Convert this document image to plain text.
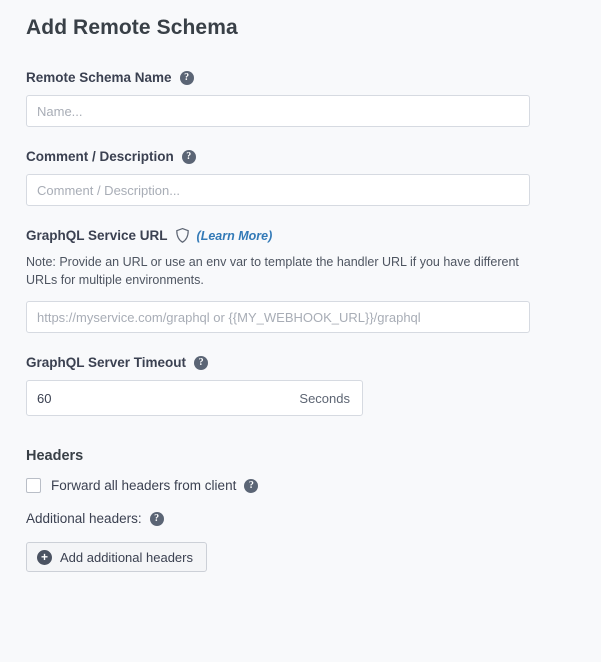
Add Remote Schema
Remote Schema Name	?
Name...
Comment / Description	?
Comment / Description...
GraphQL Service URL (Learn More)

Note: Provide an URL or use an env var to template the handler URL if you have different URLs for multiple environments.

https://myservice.com/graphql or {{MY_WEBHOOK_URL}}/graphql
GraphQL Server Timeout	?
60
Seconds
Headers
Forward all headers from client	?
Additional headers:	?
+ Add additional headers
